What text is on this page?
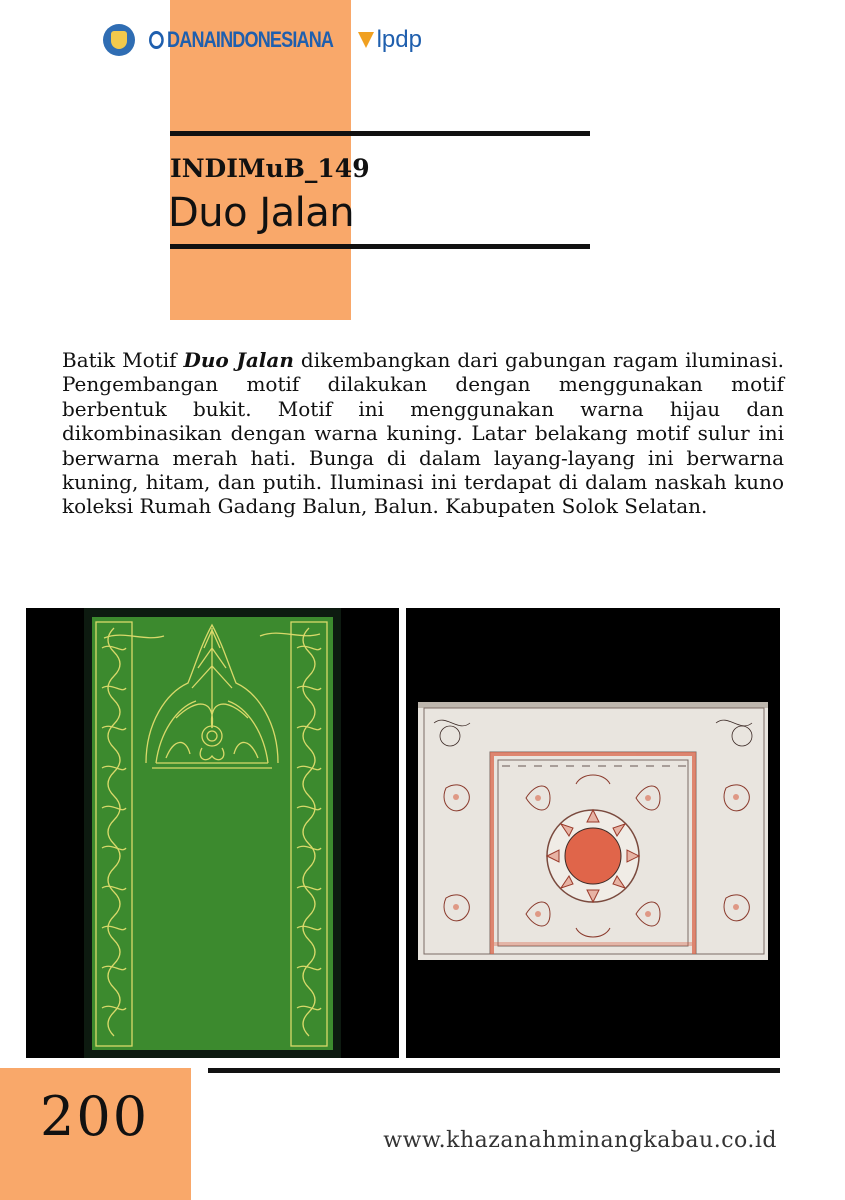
DANAINDONESIANA lpdp
INDIMuB_149
Duo Jalan

Batik Motif Duo Jalan dikembangkan dari gabungan ragam iluminasi. Pengembangan motif dilakukan dengan menggunakan motif berbentuk bukit. Motif ini menggunakan warna hijau dan dikombinasikan dengan warna kuning. Latar belakang motif sulur ini berwarna merah hati. Bunga di dalam layang-layang ini berwarna kuning, hitam, dan putih. Iluminasi ini terdapat di dalam naskah kuno koleksi Rumah Gadang Balun, Balun. Kabupaten Solok Selatan.

200	www.khazanahminangkabau.co.id
